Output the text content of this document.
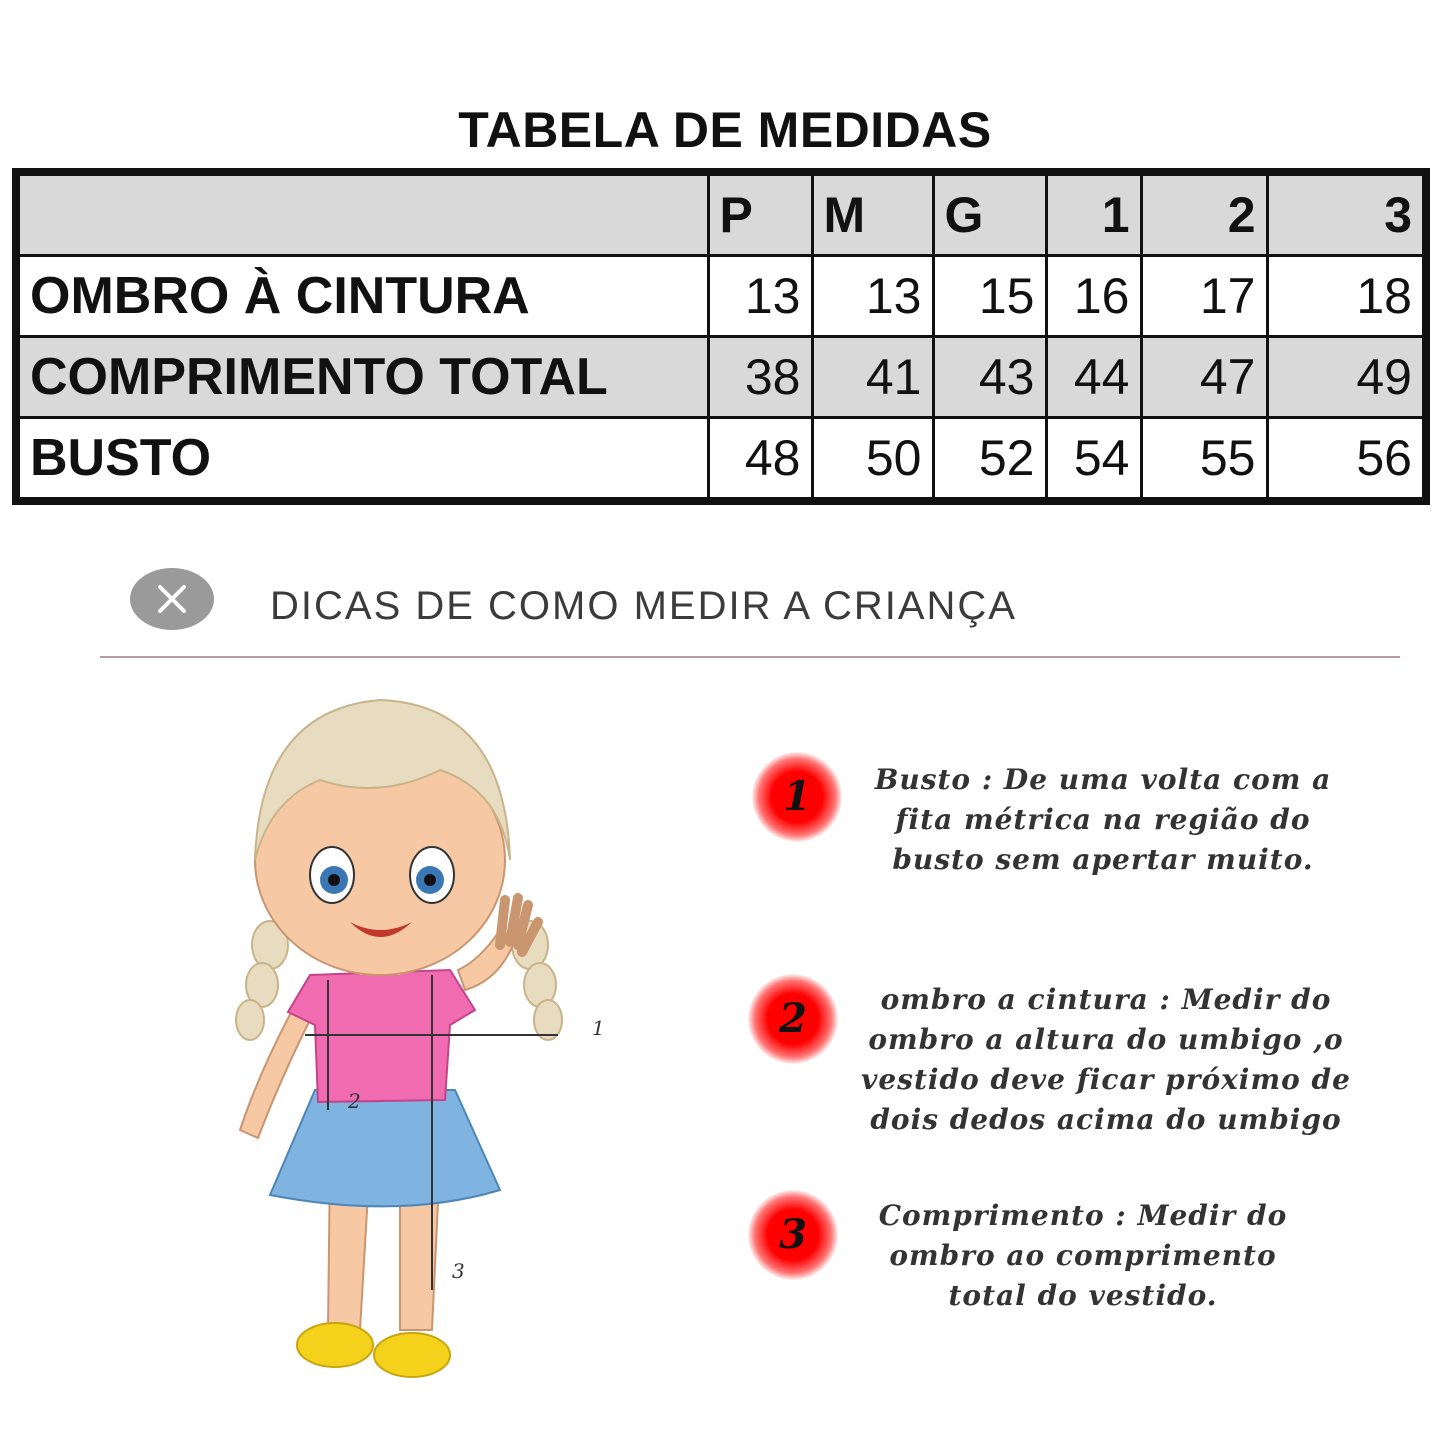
TABELA DE MEDIDAS
	P	M	G	1	2	3
OMBRO À CINTURA	13	13	15	16	17	18
COMPRIMENTO TOTAL	38	41	43	44	47	49
BUSTO	48	50	52	54	55	56
DICAS DE COMO MEDIR A CRIANÇA
1
2
3
1	Busto : De uma volta com a
fita métrica na região do
busto sem apertar muito.
2	ombro a cintura : Medir do
ombro a altura do umbigo ,o
vestido deve ficar próximo de
dois dedos acima do umbigo
3	Comprimento : Medir do
ombro ao comprimento
total do vestido.
